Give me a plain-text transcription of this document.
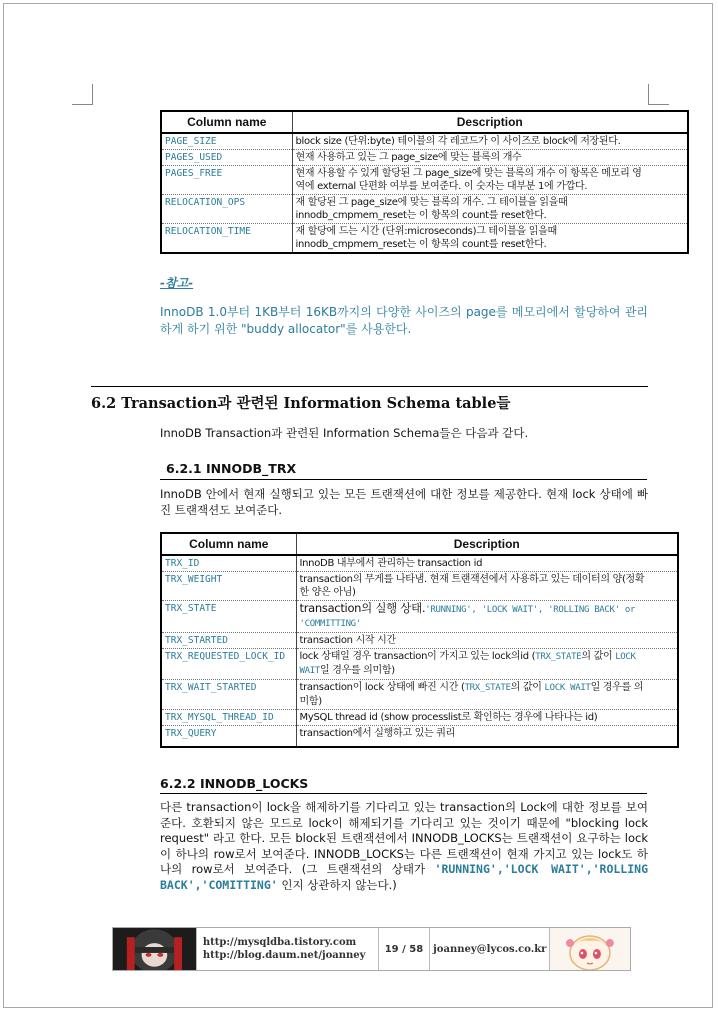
Column name	Description
PAGE_SIZE	block size (단위:byte) 테이블의 각 레코드가 이 사이즈로 block에 저장된다.
PAGES_USED	현재 사용하고 있는 그 page_size에 맞는 블록의 개수
PAGES_FREE	현재 사용할 수 있게 할당된 그 page_size에 맞는 블록의 개수 이 항목은 메모리 영
역에 external 단편화 여부를 보여준다. 이 숫자는 대부분 1에 가깝다.

RELOCATION_OPS	재 할당된 그 page_size에 맞는 블록의 개수. 그 테이블을 읽을때
innodb_cmpmem_reset는 이 항목의 count를 reset한다.

RELOCATION_TIME	재 할당에 드는 시간 (단위:microseconds)그 테이블을 읽을때
innodb_cmpmem_reset는 이 항목의 count를 reset한다.
-참고-
InnoDB 1.0부터 1KB부터 16KB까지의 다양한 사이즈의 page를 메모리에서 할당하여 관리하게 하기 위한 "buddy allocator"를 사용한다.
6.2 Transaction과 관련된 Information Schema table들
InnoDB Transaction과 관련된 Information Schema들은 다음과 같다.
6.2.1 INNODB_TRX
InnoDB 안에서 현재 실행되고 있는 모든 트랜잭션에 대한 정보를 제공한다. 현재 lock 상태에 빠진 트랜잭션도 보여준다.
Column name	Description
TRX_ID	InnoDB 내부에서 관리하는 transaction id
TRX_WEIGHT	transaction의 무게를 나타냄. 현재 트랜잭션에서 사용하고 있는 데이터의 양(정확
한 양은 아님)

TRX_STATE	transaction의 실행 상태.'RUNNING', 'LOCK WAIT', 'ROLLING BACK' or
'COMMITTING'

TRX_STARTED	transaction 시작 시간
TRX_REQUESTED_LOCK_ID	lock 상태일 경우 transaction이 가지고 있는 lock의id (TRX_STATE의 값이 LOCK
WAIT일 경우를 의미함)

TRX_WAIT_STARTED	transaction이 lock 상태에 빠진 시간 (TRX_STATE의 값이 LOCK WAIT일 경우를 의
미함)

TRX_MYSQL_THREAD_ID	MySQL thread id (show processlist로 확인하는 경우에 나타나는 id)
TRX_QUERY	transaction에서 실행하고 있는 쿼리
6.2.2 INNODB_LOCKS
다른 transaction이 lock을 해제하기를 기다리고 있는 transaction의 Lock에 대한 정보를 보여준다. 호환되지 않은 모드로 lock이 해제되기를 기다리고 있는 것이기 때문에 "blocking lock request" 라고 한다. 모든 block된 트랜잭션에서 INNODB_LOCKS는 트랜잭션이 요구하는 lock 이 하나의 row로서 보여준다. INNODB_LOCKS는 다른 트랜잭션이 현재 가지고 있는 lock도 하나의 row로서 보여준다. (그 트랜잭션의 상태가 'RUNNING','LOCK WAIT','ROLLING BACK','COMITTING' 인지 상관하지 않는다.)
http://mysqldba.tistory.com
http://blog.daum.net/joanney
19 / 58	joanney@lycos.co.kr
